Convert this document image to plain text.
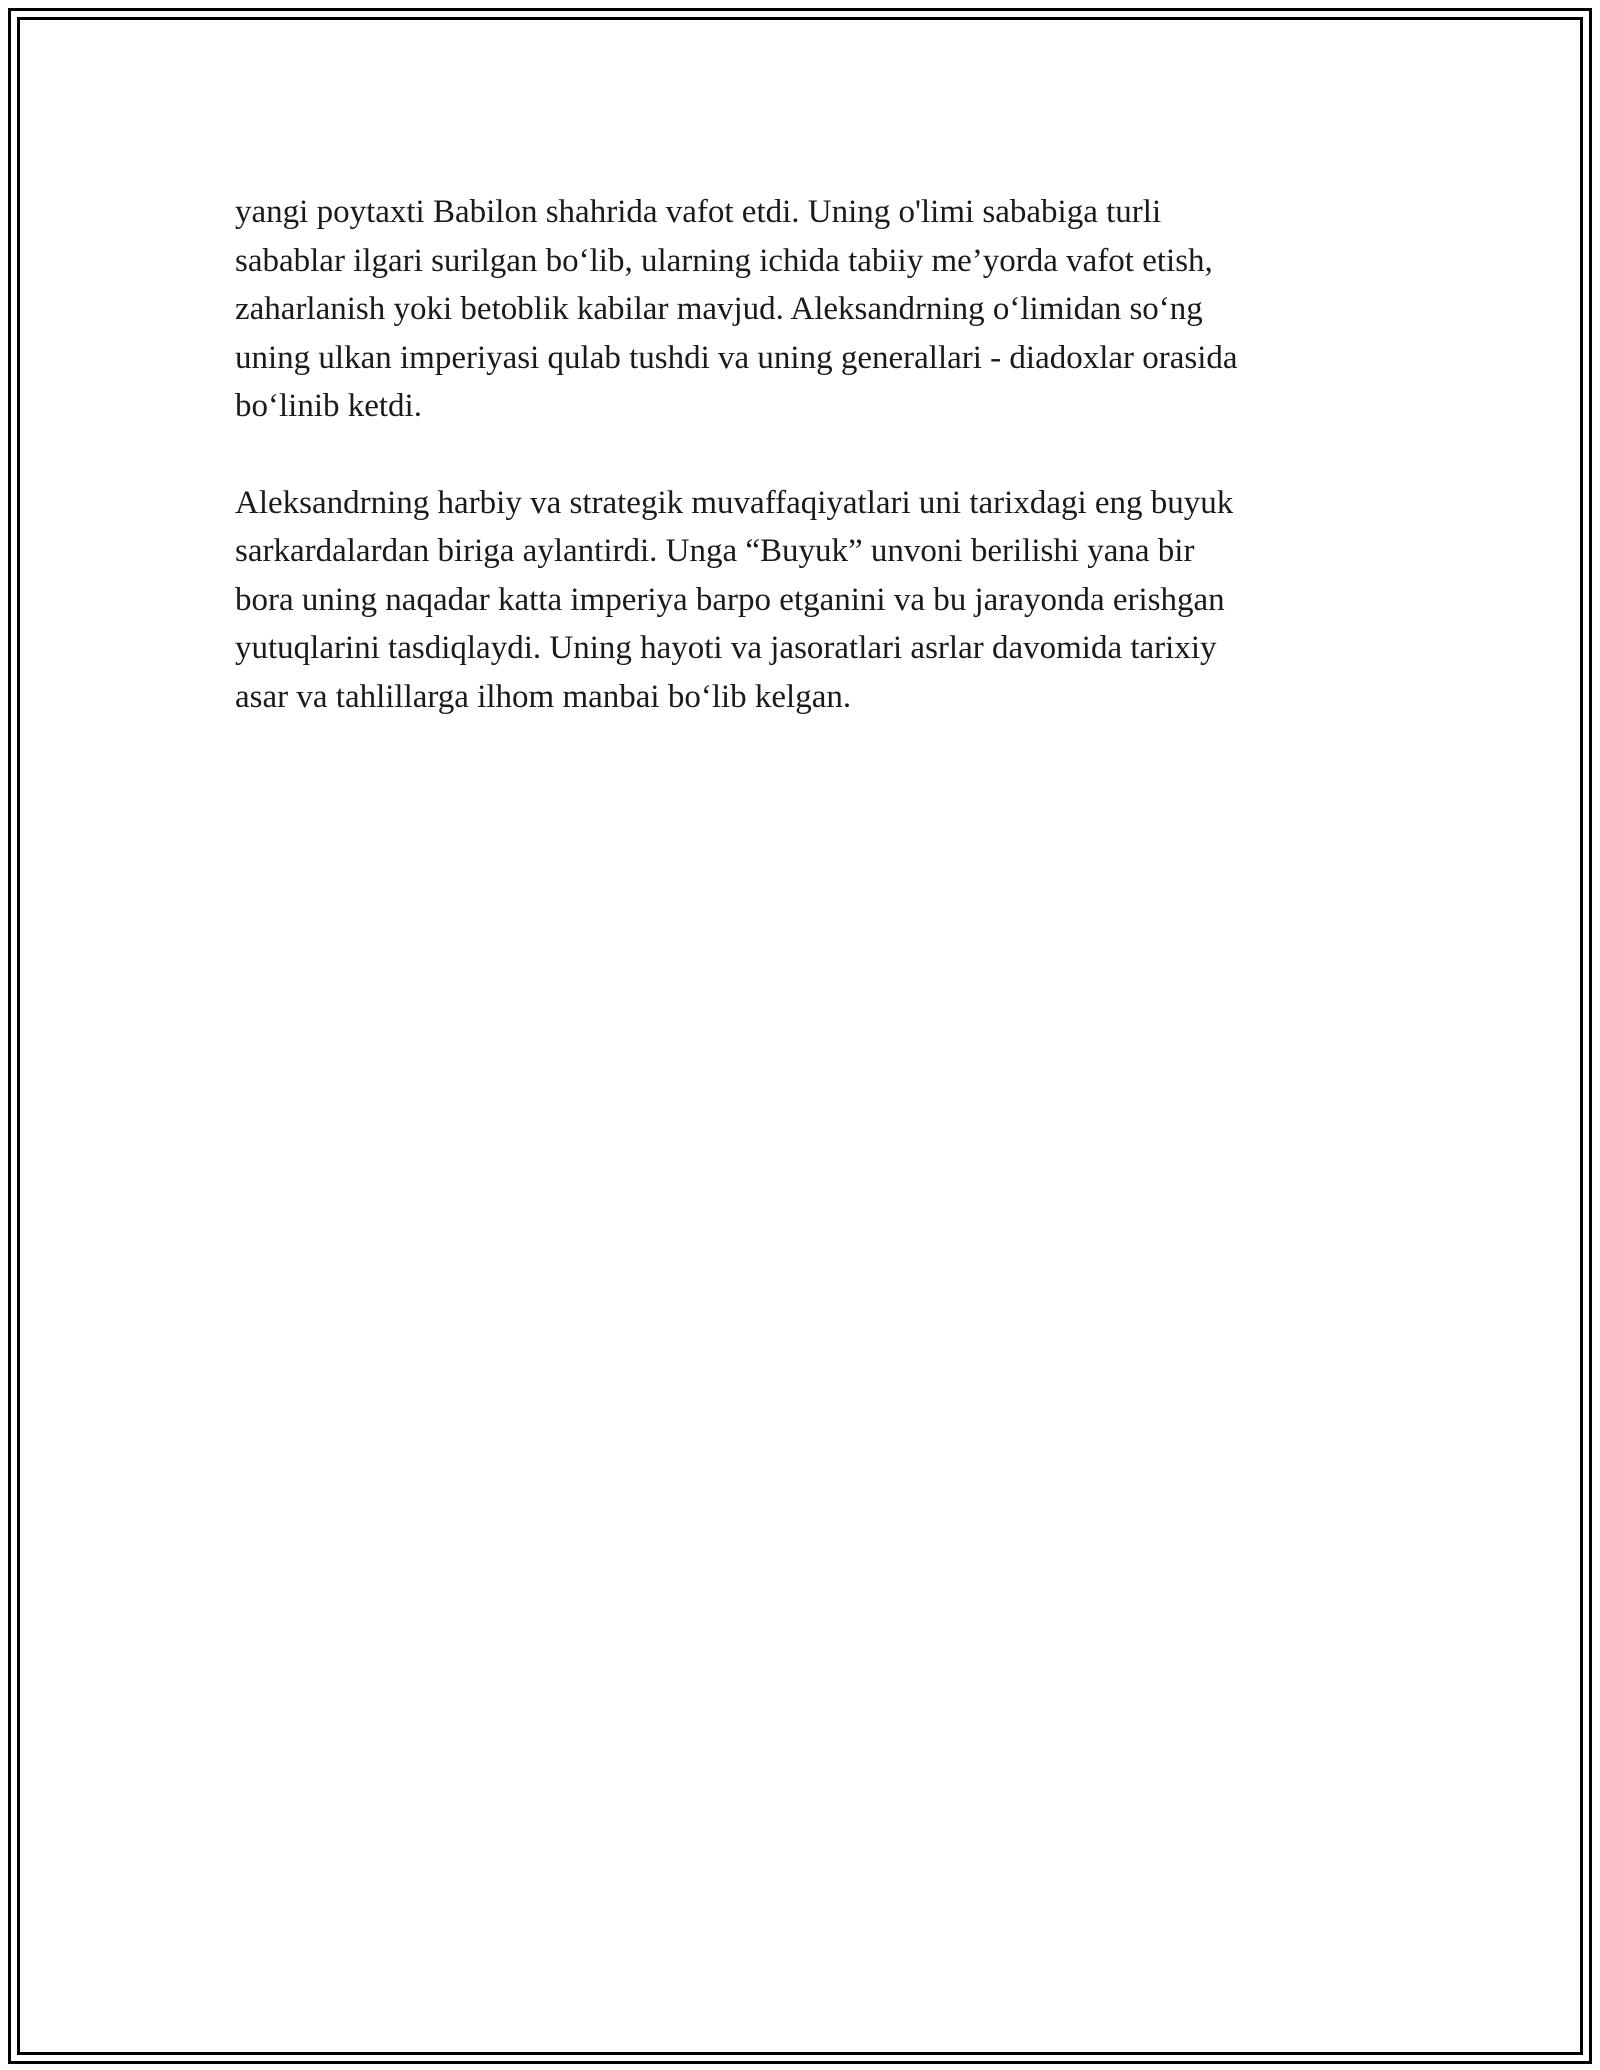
yangi poytaxti Babilon shahrida vafot etdi. Uning o'limi sababiga turli
sabablar ilgari surilgan bo‘lib, ularning ichida tabiiy me’yorda vafot etish,
zaharlanish yoki betoblik kabilar mavjud. Aleksandrning o‘limidan so‘ng
uning ulkan imperiyasi qulab tushdi va uning generallari - diadoxlar orasida
bo‘linib ketdi.

Aleksandrning harbiy va strategik muvaffaqiyatlari uni tarixdagi eng buyuk
sarkardalardan biriga aylantirdi. Unga “Buyuk” unvoni berilishi yana bir
bora uning naqadar katta imperiya barpo etganini va bu jarayonda erishgan
yutuqlarini tasdiqlaydi. Uning hayoti va jasoratlari asrlar davomida tarixiy
asar va tahlillarga ilhom manbai bo‘lib kelgan.
